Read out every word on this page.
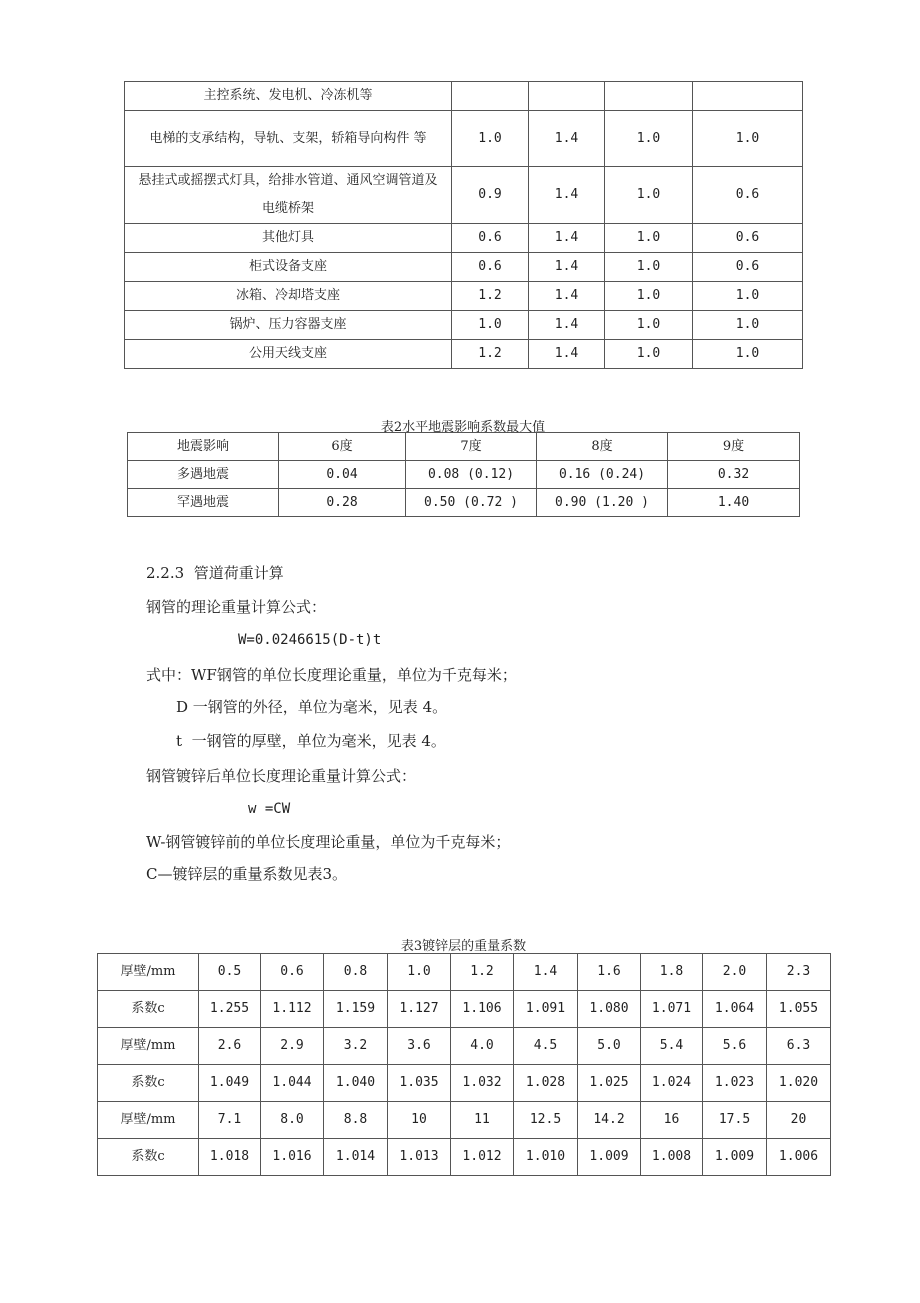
主控系统、发电机、冷冻机等				
电梯的支承结构，导轨、支架，轿箱导向构件 等	1.0	1.4	1.0	1.0
悬挂式或摇摆式灯具，给排水管道、通风空调管道及电缆桥架	0.9	1.4	1.0	0.6
其他灯具	0.6	1.4	1.0	0.6
柜式设备支座	0.6	1.4	1.0	0.6
冰箱、冷却塔支座	1.2	1.4	1.0	1.0
锅炉、压力容器支座	1.0	1.4	1.0	1.0
公用天线支座	1.2	1.4	1.0	1.0
表2水平地震影响系数最大值
地震影响	6度	7度	8度	9度
多遇地震	0.04	0.08 (0.12)	0.16 (0.24)	0.32
罕遇地震	0.28	0.50 (0.72 )	0.90 (1.20 )	1.40
2.2.3  管道荷重计算
钢管的理论重量计算公式：
W=0.0246615(D-t)t
式中：WF钢管的单位长度理论重量，单位为千克每米；
D 一钢管的外径，单位为毫米，见表 4。
t  一钢管的厚壁，单位为毫米，见表 4。
钢管镀锌后单位长度理论重量计算公式：
w =CW
W-钢管镀锌前的单位长度理论重量，单位为千克每米；
C—镀锌层的重量系数见表3。
表3镀锌层的重量系数
厚壁/mm	0.5	0.6	0.8	1.0	1.2	1.4	1.6	1.8	2.0	2.3
系数c	1.255	1.112	1.159	1.127	1.106	1.091	1.080	1.071	1.064	1.055
厚壁/mm	2.6	2.9	3.2	3.6	4.0	4.5	5.0	5.4	5.6	6.3
系数c	1.049	1.044	1.040	1.035	1.032	1.028	1.025	1.024	1.023	1.020
厚壁/mm	7.1	8.0	8.8	10	11	12.5	14.2	16	17.5	20
系数c	1.018	1.016	1.014	1.013	1.012	1.010	1.009	1.008	1.009	1.006
